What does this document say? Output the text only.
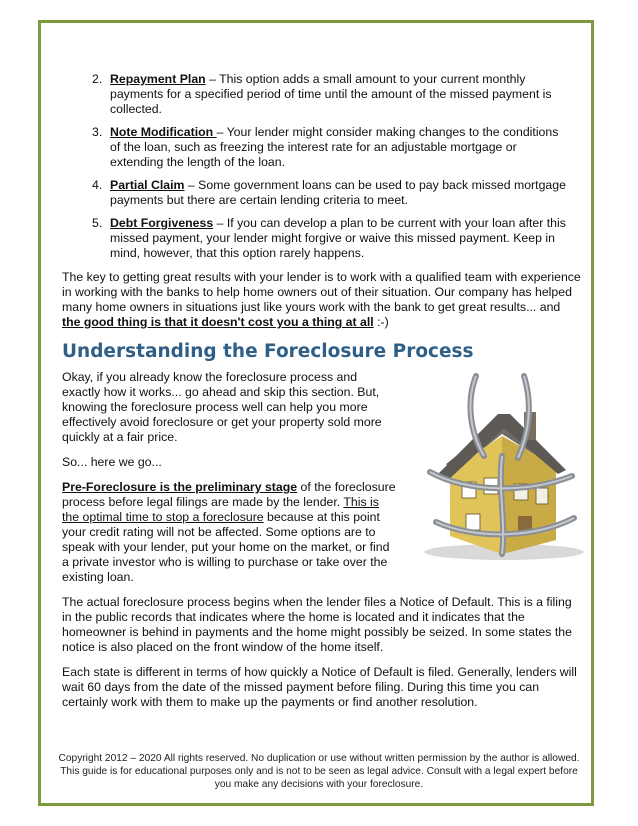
2. Repayment Plan – This option adds a small amount to your current monthly payments for a specified period of time until the amount of the missed payment is collected.
3. Note Modification – Your lender might consider making changes to the conditions of the loan, such as freezing the interest rate for an adjustable mortgage or extending the length of the loan.
4. Partial Claim – Some government loans can be used to pay back missed mortgage payments but there are certain lending criteria to meet.
5. Debt Forgiveness – If you can develop a plan to be current with your loan after this missed payment, your lender might forgive or waive this missed payment. Keep in mind, however, that this option rarely happens.

The key to getting great results with your lender is to work with a qualified team with experience in working with the banks to help home owners out of their situation. Our company has helped many home owners in situations just like yours work with the bank to get great results... and the good thing is that it doesn't cost you a thing at all :-)

Understanding the Foreclosure Process

Okay, if you already know the foreclosure process and exactly how it works... go ahead and skip this section. But, knowing the foreclosure process well can help you more effectively avoid foreclosure or get your property sold more quickly at a fair price.

So... here we go...

Pre-Foreclosure is the preliminary stage of the foreclosure process before legal filings are made by the lender. This is the optimal time to stop a foreclosure because at this point your credit rating will not be affected. Some options are to speak with your lender, put your home on the market, or find a private investor who is willing to purchase or take over the existing loan.

The actual foreclosure process begins when the lender files a Notice of Default. This is a filing in the public records that indicates where the home is located and it indicates that the homeowner is behind in payments and the home might possibly be seized. In some states the notice is also placed on the front window of the home itself.

Each state is different in terms of how quickly a Notice of Default is filed. Generally, lenders will wait 60 days from the date of the missed payment before filing. During this time you can certainly work with them to make up the payments or find another resolution.

Copyright 2012 – 2020 All rights reserved. No duplication or use without written permission by the author is allowed. This guide is for educational purposes only and is not to be seen as legal advice. Consult with a legal expert before you make any decisions with your foreclosure.
